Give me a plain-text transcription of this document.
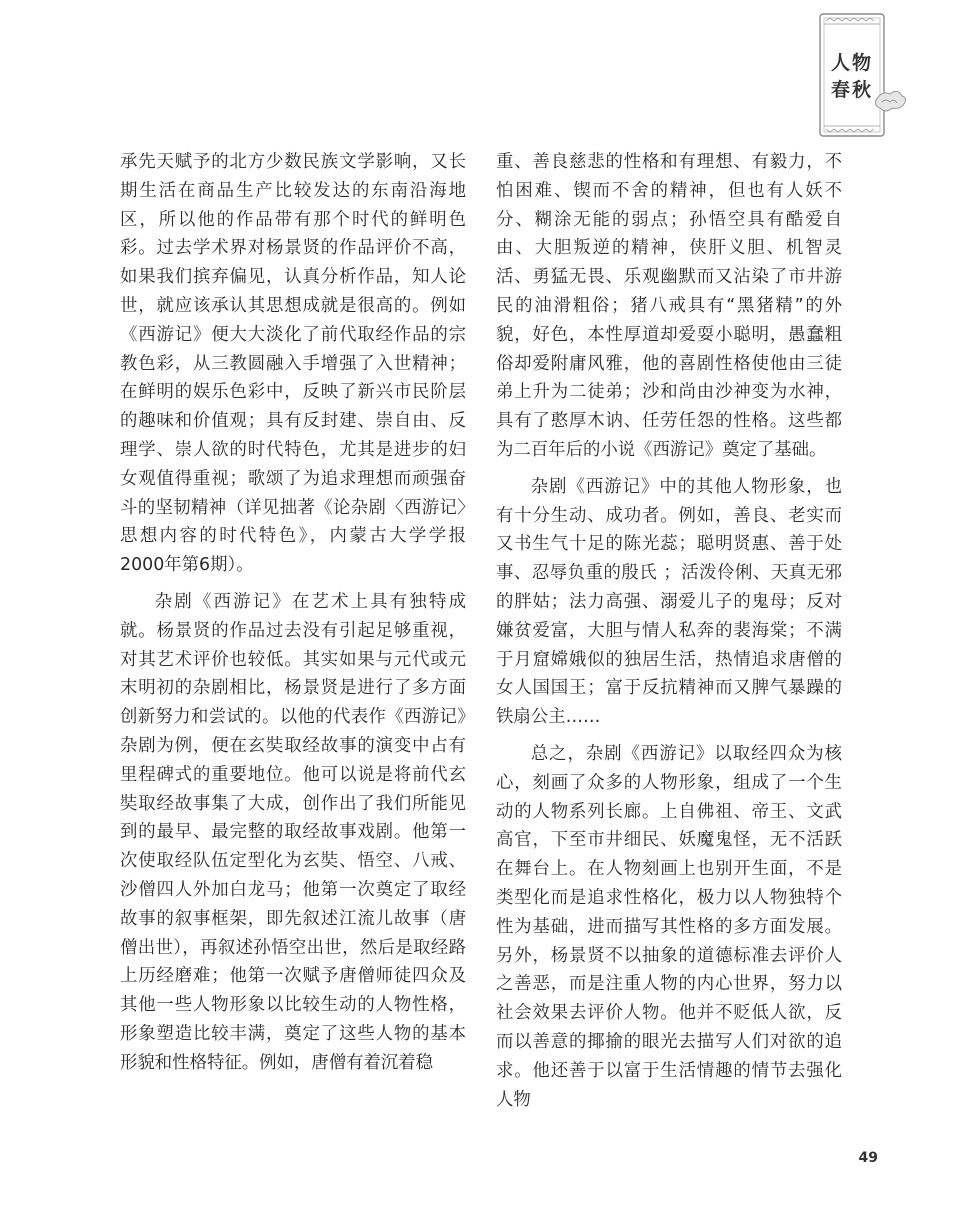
人物
春秋

承先天赋予的北方少数民族文学影响，又长期生活在商品生产比较发达的东南沿海地区，所以他的作品带有那个时代的鲜明色彩。过去学术界对杨景贤的作品评价不高，如果我们摈弃偏见，认真分析作品，知人论世，就应该承认其思想成就是很高的。例如《西游记》便大大淡化了前代取经作品的宗教色彩，从三教圆融入手增强了入世精神；在鲜明的娱乐色彩中，反映了新兴市民阶层的趣味和价值观；具有反封建、崇自由、反理学、崇人欲的时代特色，尤其是进步的妇女观值得重视；歌颂了为追求理想而顽强奋斗的坚韧精神（详见拙著《论杂剧〈西游记〉思想内容的时代特色》，内蒙古大学学报2000年第6期）。

杂剧《西游记》在艺术上具有独特成就。杨景贤的作品过去没有引起足够重视，对其艺术评价也较低。其实如果与元代或元末明初的杂剧相比，杨景贤是进行了多方面创新努力和尝试的。以他的代表作《西游记》杂剧为例，便在玄奘取经故事的演变中占有里程碑式的重要地位。他可以说是将前代玄奘取经故事集了大成，创作出了我们所能见到的最早、最完整的取经故事戏剧。他第一次使取经队伍定型化为玄奘、悟空、八戒、沙僧四人外加白龙马；他第一次奠定了取经故事的叙事框架，即先叙述江流儿故事（唐僧出世），再叙述孙悟空出世，然后是取经路上历经磨难；他第一次赋予唐僧师徒四众及其他一些人物形象以比较生动的人物性格，形象塑造比较丰满，奠定了这些人物的基本形貌和性格特征。例如，唐僧有着沉着稳

重、善良慈悲的性格和有理想、有毅力，不怕困难、锲而不舍的精神，但也有人妖不分、糊涂无能的弱点；孙悟空具有酷爱自由、大胆叛逆的精神，侠肝义胆、机智灵活、勇猛无畏、乐观幽默而又沾染了市井游民的油滑粗俗；猪八戒具有“黑猪精”的外貌，好色，本性厚道却爱耍小聪明，愚蠢粗俗却爱附庸风雅，他的喜剧性格使他由三徒弟上升为二徒弟；沙和尚由沙神变为水神，具有了憨厚木讷、任劳任怨的性格。这些都为二百年后的小说《西游记》奠定了基础。

杂剧《西游记》中的其他人物形象，也有十分生动、成功者。例如，善良、老实而又书生气十足的陈光蕊；聪明贤惠、善于处事、忍辱负重的殷氏 ；活泼伶俐、天真无邪的胖姑；法力高强、溺爱儿子的鬼母；反对嫌贫爱富，大胆与情人私奔的裴海棠；不满于月窟嫦娥似的独居生活，热情追求唐僧的女人国国王；富于反抗精神而又脾气暴躁的铁扇公主……

总之，杂剧《西游记》以取经四众为核心，刻画了众多的人物形象，组成了一个生动的人物系列长廊。上自佛祖、帝王、文武高官，下至市井细民、妖魔鬼怪，无不活跃在舞台上。在人物刻画上也别开生面，不是类型化而是追求性格化，极力以人物独特个性为基础，进而描写其性格的多方面发展。另外，杨景贤不以抽象的道德标准去评价人之善恶，而是注重人物的内心世界，努力以社会效果去评价人物。他并不贬低人欲，反而以善意的揶揄的眼光去描写人们对欲的追求。他还善于以富于生活情趣的情节去强化人物

49
